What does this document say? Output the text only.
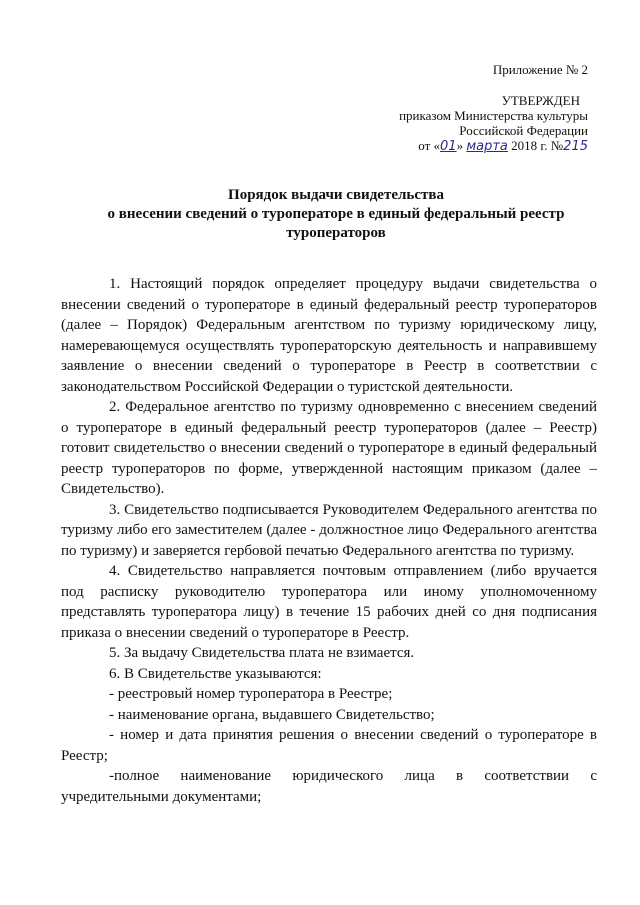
Приложение № 2
УТВЕРЖДЕН
приказом Министерства культуры
Российской Федерации
от «01» марта 2018 г. №215
Порядок выдачи свидетельства
о внесении сведений о туроператоре в единый федеральный реестр
туроператоров

1. Настоящий порядок определяет процедуру выдачи свидетельства о внесении сведений о туроператоре в единый федеральный реестр туроператоров (далее – Порядок) Федеральным агентством по туризму юридическому лицу, намеревающемуся осуществлять туроператорскую деятельность и направившему заявление о внесении сведений о туроператоре в Реестр в соответствии с законодательством Российской Федерации о туристской деятельности.

2. Федеральное агентство по туризму одновременно с внесением сведений о туроператоре в единый федеральный реестр туроператоров (далее – Реестр) готовит свидетельство о внесении сведений о туроператоре в единый федеральный реестр туроператоров по форме, утвержденной настоящим приказом (далее – Свидетельство).

3. Свидетельство подписывается Руководителем Федерального агентства по туризму либо его заместителем (далее - должностное лицо Федерального агентства по туризму) и заверяется гербовой печатью Федерального агентства по туризму.

4. Свидетельство направляется почтовым отправлением (либо вручается под расписку руководителю туроператора или иному уполномоченному представлять туроператора лицу) в течение 15 рабочих дней со дня подписания приказа о внесении сведений о туроператоре в Реестр.

5. За выдачу Свидетельства плата не взимается.

6. В Свидетельстве указываются:

- реестровый номер туроператора в Реестре;

- наименование органа, выдавшего Свидетельство;

- номер и дата принятия решения о внесении сведений о туроператоре в Реестр;

-полное наименование юридического лица в соответствии с учредительными документами;
